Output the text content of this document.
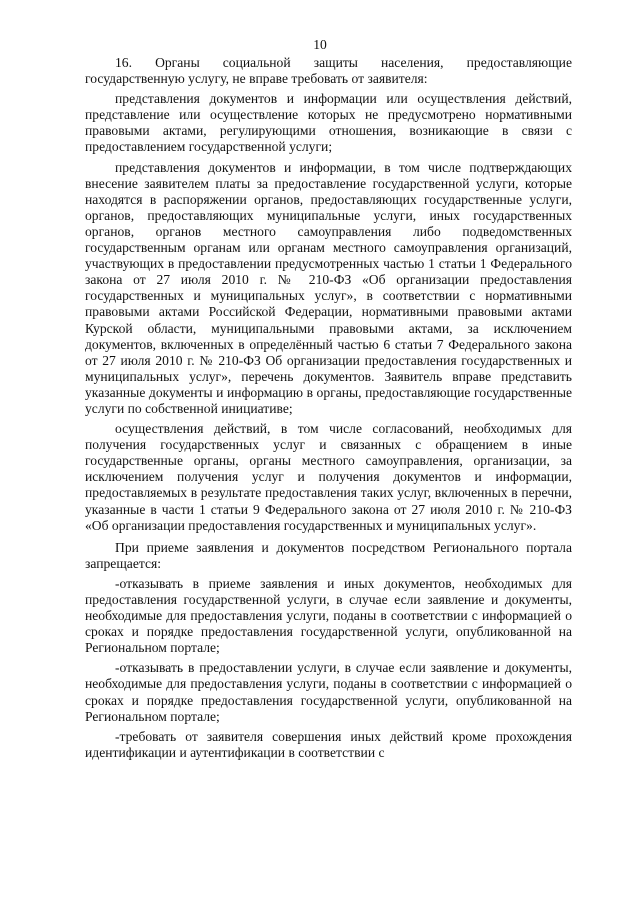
10

16. Органы социальной защиты населения, предоставляющие государственную услугу, не вправе требовать от заявителя:

представления документов и информации или осуществления действий, представление или осуществление которых не предусмотрено нормативными правовыми актами, регулирующими отношения, возникающие в связи с предоставлением государственной услуги;

представления документов и информации, в том числе подтверждающих внесение заявителем платы за предоставление государственной услуги, которые находятся в распоряжении органов, предоставляющих государственные услуги, органов, предоставляющих муниципальные услуги, иных государственных органов, органов местного самоуправления либо подведомственных государственным органам или органам местного самоуправления организаций, участвующих в предоставлении предусмотренных частью 1 статьи 1 Федерального закона от 27 июля 2010 г. № 210-ФЗ «Об организации предоставления государственных и муниципальных услуг», в соответствии с нормативными правовыми актами Российской Федерации, нормативными правовыми актами Курской области, муниципальными правовыми актами, за исключением документов, включенных в определённый частью 6 статьи 7 Федерального закона от 27 июля 2010 г. № 210-ФЗ Об организации предоставления государственных и муниципальных услуг», перечень документов. Заявитель вправе представить указанные документы и информацию в органы, предоставляющие государственные услуги по собственной инициативе;

осуществления действий, в том числе согласований, необходимых для получения государственных услуг и связанных с обращением в иные государственные органы, органы местного самоуправления, организации, за исключением получения услуг и получения документов и информации, предоставляемых в результате предоставления таких услуг, включенных в перечни, указанные в части 1 статьи 9 Федерального закона от 27 июля 2010 г. № 210-ФЗ «Об организации предоставления государственных и муниципальных услуг».

При приеме заявления и документов посредством Регионального портала запрещается:

-отказывать в приеме заявления и иных документов, необходимых для предоставления государственной услуги, в случае если заявление и документы, необходимые для предоставления услуги, поданы в соответствии с информацией о сроках и порядке предоставления государственной услуги, опубликованной на Региональном портале;

-отказывать в предоставлении услуги, в случае если заявление и документы, необходимые для предоставления услуги, поданы в соответствии с информацией о сроках и порядке предоставления государственной услуги, опубликованной на Региональном портале;

-требовать от заявителя совершения иных действий кроме прохождения идентификации и аутентификации в соответствии с
